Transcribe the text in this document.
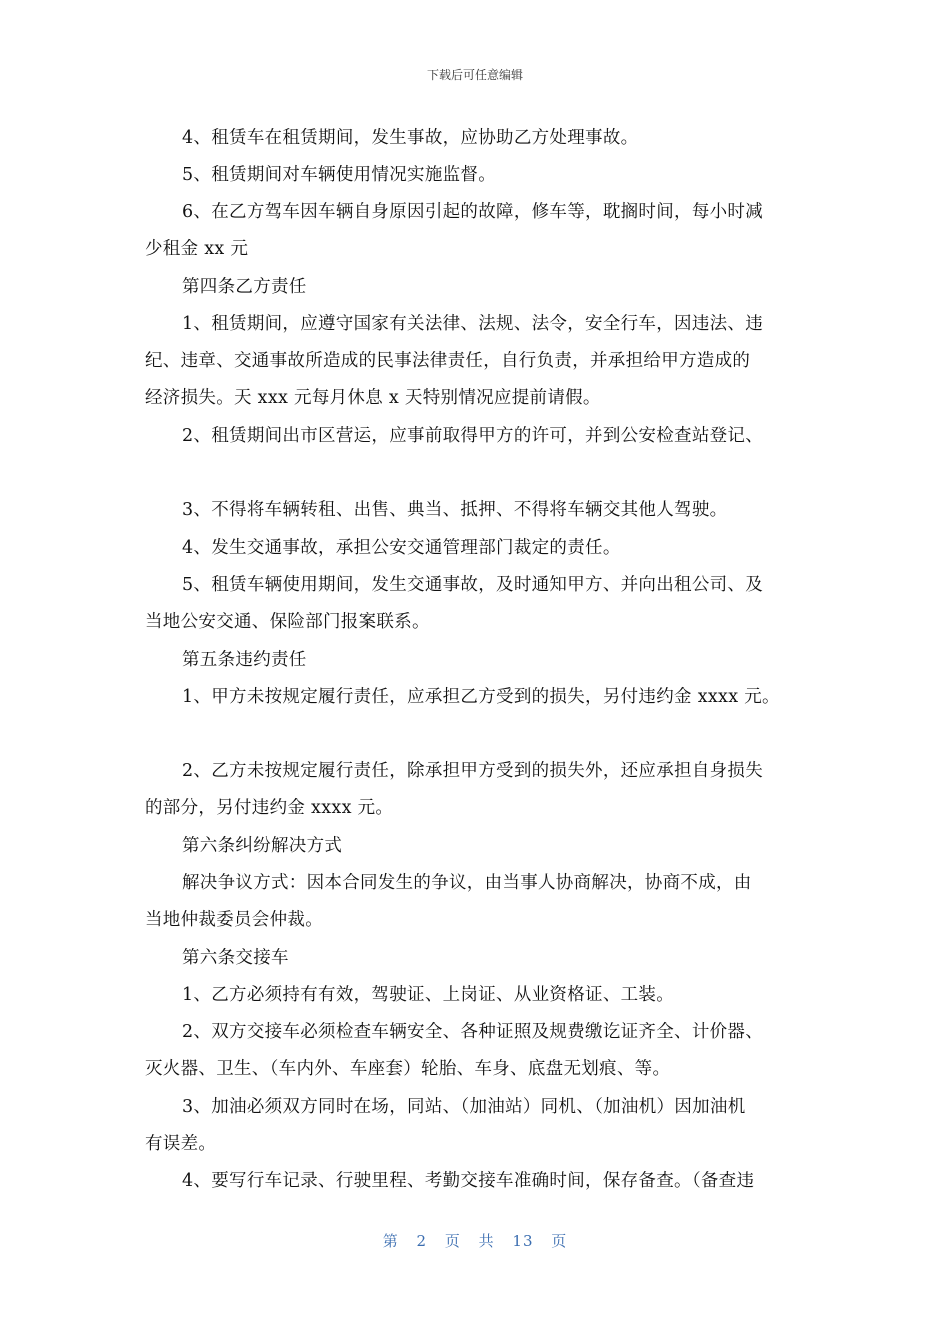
下载后可任意编辑
4、租赁车在租赁期间，发生事故，应协助乙方处理事故。
5、租赁期间对车辆使用情况实施监督。
6、在乙方驾车因车辆自身原因引起的故障，修车等，耽搁时间，每小时减
少租金 xx 元
第四条乙方责任
1、租赁期间，应遵守国家有关法律、法规、法令，安全行车，因违法、违
纪、违章、交通事故所造成的民事法律责任，自行负责，并承担给甲方造成的
经济损失。天 xxx 元每月休息 x 天特别情况应提前请假。
2、租赁期间出市区营运，应事前取得甲方的许可，并到公安检查站登记、
3、不得将车辆转租、出售、典当、抵押、不得将车辆交其他人驾驶。
4、发生交通事故，承担公安交通管理部门裁定的责任。
5、租赁车辆使用期间，发生交通事故，及时通知甲方、并向出租公司、及
当地公安交通、保险部门报案联系。
第五条违约责任
1、甲方未按规定履行责任，应承担乙方受到的损失，另付违约金 xxxx 元。
2、乙方未按规定履行责任，除承担甲方受到的损失外，还应承担自身损失
的部分，另付违约金 xxxx 元。
第六条纠纷解决方式
解决争议方式：因本合同发生的争议，由当事人协商解决，协商不成，由
当地仲裁委员会仲裁。
第六条交接车
1、乙方必须持有有效，驾驶证、上岗证、从业资格证、工装。
2、双方交接车必须检查车辆安全、各种证照及规费缴讫证齐全、计价器、
灭火器、卫生、（车内外、车座套）轮胎、车身、底盘无划痕、等。
3、加油必须双方同时在场，同站、（加油站）同机、（加油机）因加油机
有误差。
4、要写行车记录、行驶里程、考勤交接车准确时间，保存备查。（备查违
第 2 页 共 13 页
